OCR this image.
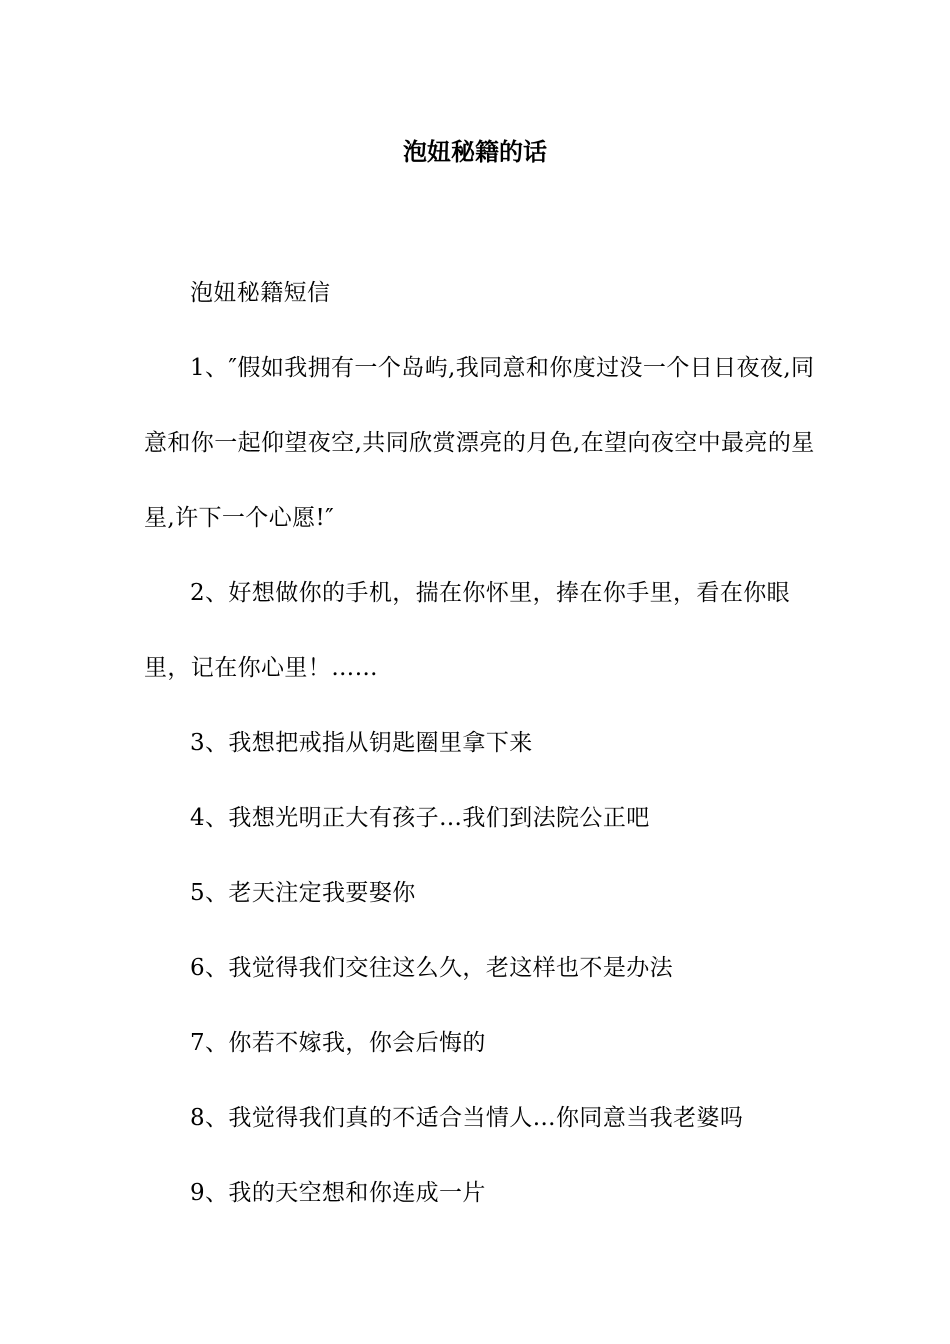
泡妞秘籍的话

泡妞秘籍短信

1、″假如我拥有一个岛屿,我同意和你度过没一个日日夜夜,同意和你一起仰望夜空,共同欣赏漂亮的月色,在望向夜空中最亮的星星,许下一个心愿!″

2、好想做你的手机，揣在你怀里，捧在你手里，看在你眼里，记在你心里！……

3、我想把戒指从钥匙圈里拿下来

4、我想光明正大有孩子…我们到法院公正吧

5、老天注定我要娶你

6、我觉得我们交往这么久，老这样也不是办法

7、你若不嫁我，你会后悔的

8、我觉得我们真的不适合当情人…你同意当我老婆吗

9、我的天空想和你连成一片
